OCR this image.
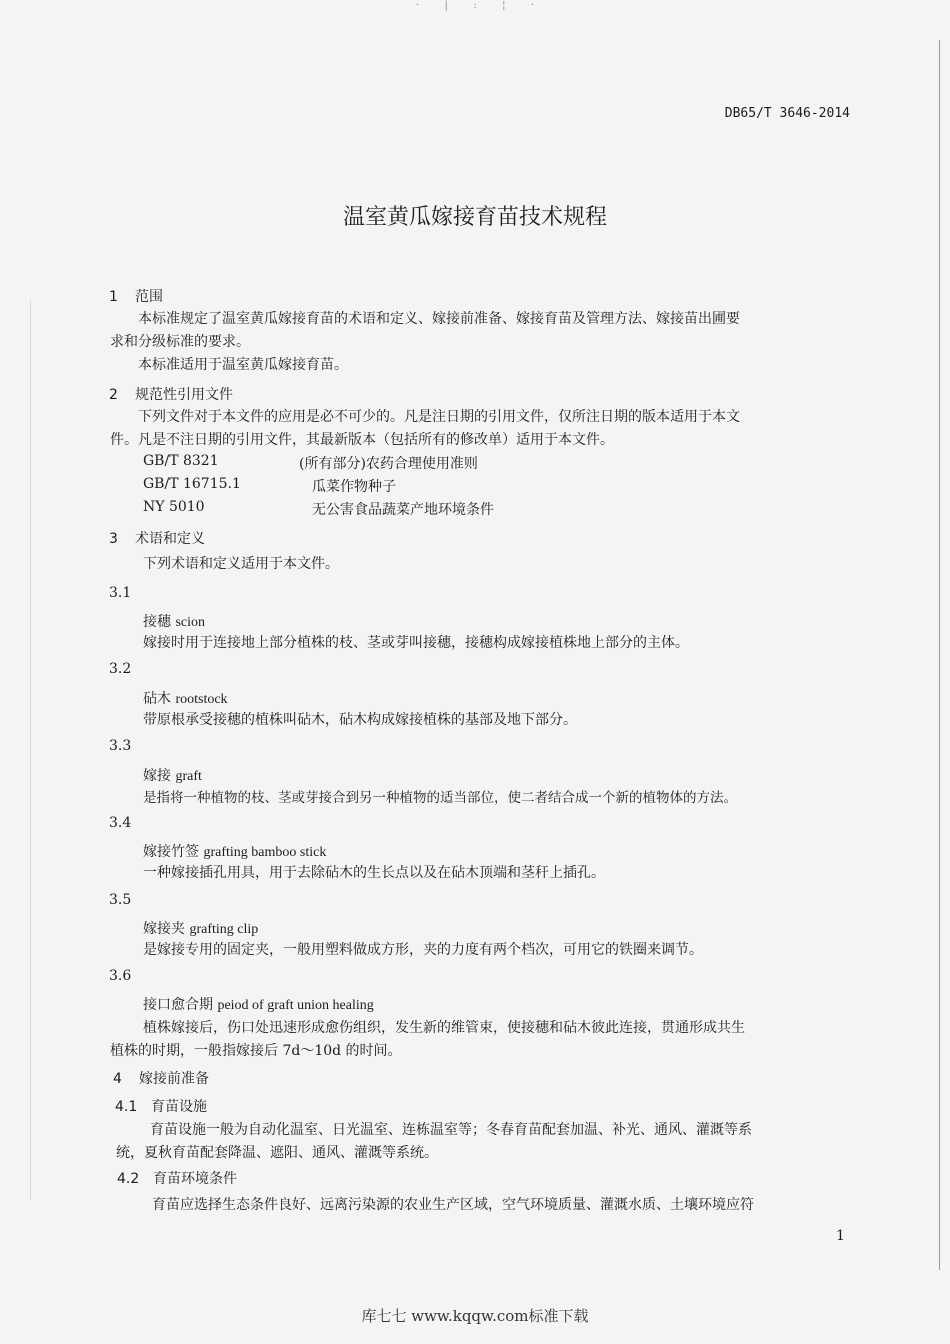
·        |        :        ¦        ·
DB65/T 3646-2014
温室黄瓜嫁接育苗技术规程
1 范围
本标准规定了温室黄瓜嫁接育苗的术语和定义、嫁接前准备、嫁接育苗及管理方法、嫁接苗出圃要
求和分级标准的要求。
本标准适用于温室黄瓜嫁接育苗。
2 规范性引用文件
下列文件对于本文件的应用是必不可少的。凡是注日期的引用文件，仅所注日期的版本适用于本文
件。凡是不注日期的引用文件，其最新版本（包括所有的修改单）适用于本文件。
GB/T 8321	(所有部分)农药合理使用准则
GB/T 16715.1	瓜菜作物种子
NY 5010	无公害食品蔬菜产地环境条件
3 术语和定义
下列术语和定义适用于本文件。
3.1
接穗 scion
嫁接时用于连接地上部分植株的枝、茎或芽叫接穗，接穗构成嫁接植株地上部分的主体。
3.2
砧木 rootstock
带原根承受接穗的植株叫砧木，砧木构成嫁接植株的基部及地下部分。
3.3
嫁接 graft
是指将一种植物的枝、茎或芽接合到另一种植物的适当部位，使二者结合成一个新的植物体的方法。
3.4
嫁接竹签 grafting bamboo stick
一种嫁接插孔用具，用于去除砧木的生长点以及在砧木顶端和茎秆上插孔。
3.5
嫁接夹 grafting clip
是嫁接专用的固定夹，一般用塑料做成方形，夹的力度有两个档次，可用它的铁圈来调节。
3.6
接口愈合期 peiod of graft union healing
植株嫁接后，伤口处迅速形成愈伤组织，发生新的维管束，使接穗和砧木彼此连接，贯通形成共生
植株的时期，一般指嫁接后 7d～10d 的时间。
4 嫁接前准备
4.1 育苗设施
育苗设施一般为自动化温室、日光温室、连栋温室等；冬春育苗配套加温、补光、通风、灌溉等系
统，夏秋育苗配套降温、遮阳、通风、灌溉等系统。
4.2 育苗环境条件
育苗应选择生态条件良好、远离污染源的农业生产区域，空气环境质量、灌溉水质、土壤环境应符
1
库七七 www.kqqw.com标准下载
